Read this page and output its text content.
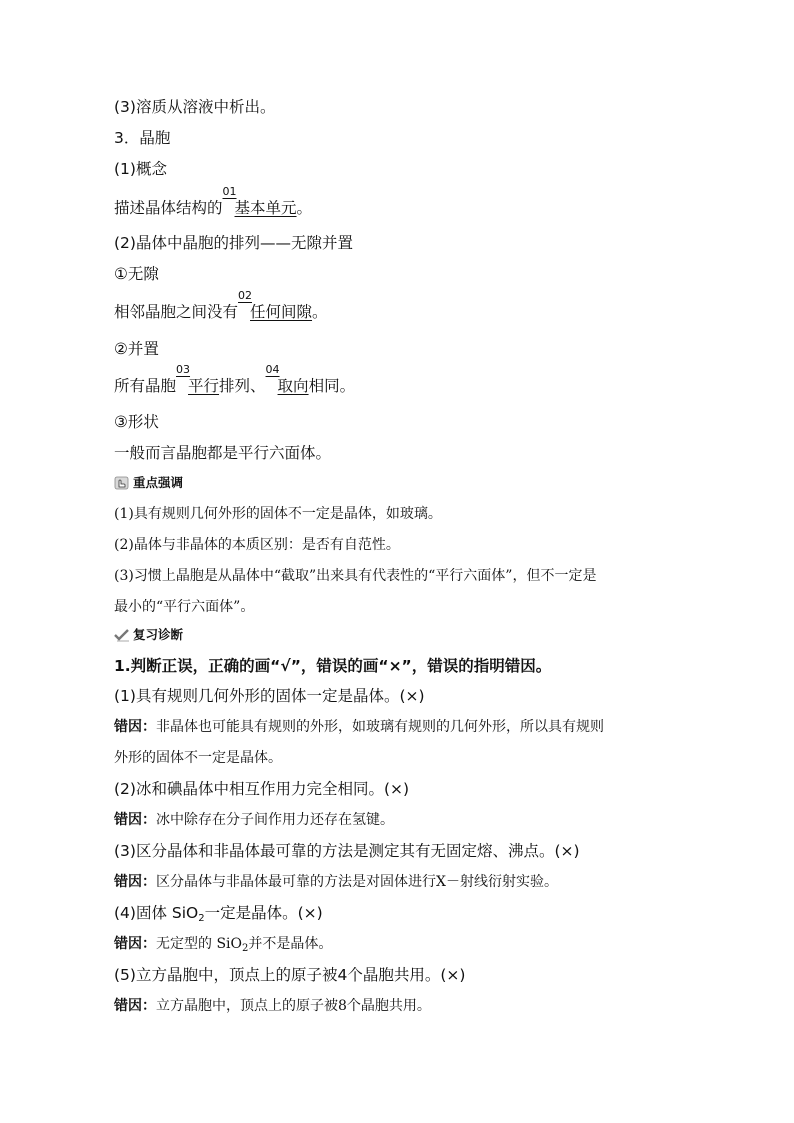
(3)溶质从溶液中析出。
3．晶胞
(1)概念
描述晶体结构的
01
基本单元。
(2)晶体中晶胞的排列——无隙并置
①无隙
相邻晶胞之间没有
02
任何间隙。
②并置
所有晶胞
03
平行排列、
04
取向相同。
③形状
一般而言晶胞都是平行六面体。
重点强调
(1)具有规则几何外形的固体不一定是晶体，如玻璃。
(2)晶体与非晶体的本质区别：是否有自范性。
(3)习惯上晶胞是从晶体中“截取”出来具有代表性的“平行六面体”，但不一定是
最小的“平行六面体”。
复习诊断
1.判断正误，正确的画“√”，错误的画“×”，错误的指明错因。
(1)具有规则几何外形的固体一定是晶体。(×)
错因：非晶体也可能具有规则的外形，如玻璃有规则的几何外形，所以具有规则
外形的固体不一定是晶体。
(2)冰和碘晶体中相互作用力完全相同。(×)
错因：冰中除存在分子间作用力还存在氢键。
(3)区分晶体和非晶体最可靠的方法是测定其有无固定熔、沸点。(×)
错因：区分晶体与非晶体最可靠的方法是对固体进行X－射线衍射实验。
(4)固体 SiO$_2$一定是晶体。(×)
错因：无定型的 SiO$_2$并不是晶体。
(5)立方晶胞中，顶点上的原子被4个晶胞共用。(×)
错因：立方晶胞中，顶点上的原子被8个晶胞共用。
